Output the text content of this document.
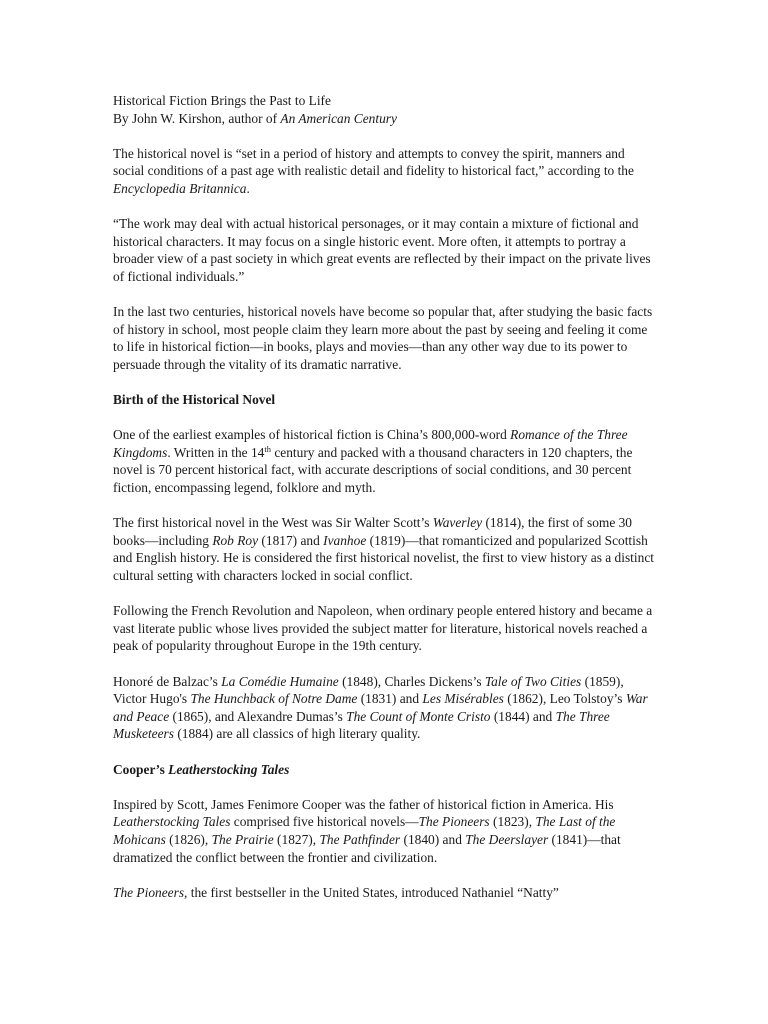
Historical Fiction Brings the Past to Life
By John W. Kirshon, author of An American Century

The historical novel is “set in a period of history and attempts to convey the spirit, manners and social conditions of a past age with realistic detail and fidelity to historical fact,” according to the Encyclopedia Britannica.

“The work may deal with actual historical personages, or it may contain a mixture of fictional and historical characters. It may focus on a single historic event. More often, it attempts to portray a broader view of a past society in which great events are reflected by their impact on the private lives of fictional individuals.”

In the last two centuries, historical novels have become so popular that, after studying the basic facts of history in school, most people claim they learn more about the past by seeing and feeling it come to life in historical fiction—in books, plays and movies—than any other way due to its power to persuade through the vitality of its dramatic narrative.

Birth of the Historical Novel

One of the earliest examples of historical fiction is China’s 800,000-word Romance of the Three Kingdoms. Written in the 14th century and packed with a thousand characters in 120 chapters, the novel is 70 percent historical fact, with accurate descriptions of social conditions, and 30 percent fiction, encompassing legend, folklore and myth.

The first historical novel in the West was Sir Walter Scott’s Waverley (1814), the first of some 30 books—including Rob Roy (1817) and Ivanhoe (1819)—that romanticized and popularized Scottish and English history. He is considered the first historical novelist, the first to view history as a distinct cultural setting with characters locked in social conflict.

Following the French Revolution and Napoleon, when ordinary people entered history and became a vast literate public whose lives provided the subject matter for literature, historical novels reached a peak of popularity throughout Europe in the 19th century.

Honoré de Balzac’s La Comédie Humaine (1848), Charles Dickens’s Tale of Two Cities (1859), Victor Hugo's The Hunchback of Notre Dame (1831) and Les Misérables (1862), Leo Tolstoy’s War and Peace (1865), and Alexandre Dumas’s The Count of Monte Cristo (1844) and The Three Musketeers (1884) are all classics of high literary quality.

Cooper’s Leatherstocking Tales

Inspired by Scott, James Fenimore Cooper was the father of historical fiction in America. His Leatherstocking Tales comprised five historical novels—The Pioneers (1823), The Last of the Mohicans (1826), The Prairie (1827), The Pathfinder (1840) and The Deerslayer (1841)—that dramatized the conflict between the frontier and civilization.

The Pioneers, the first bestseller in the United States, introduced Nathaniel “Natty”
